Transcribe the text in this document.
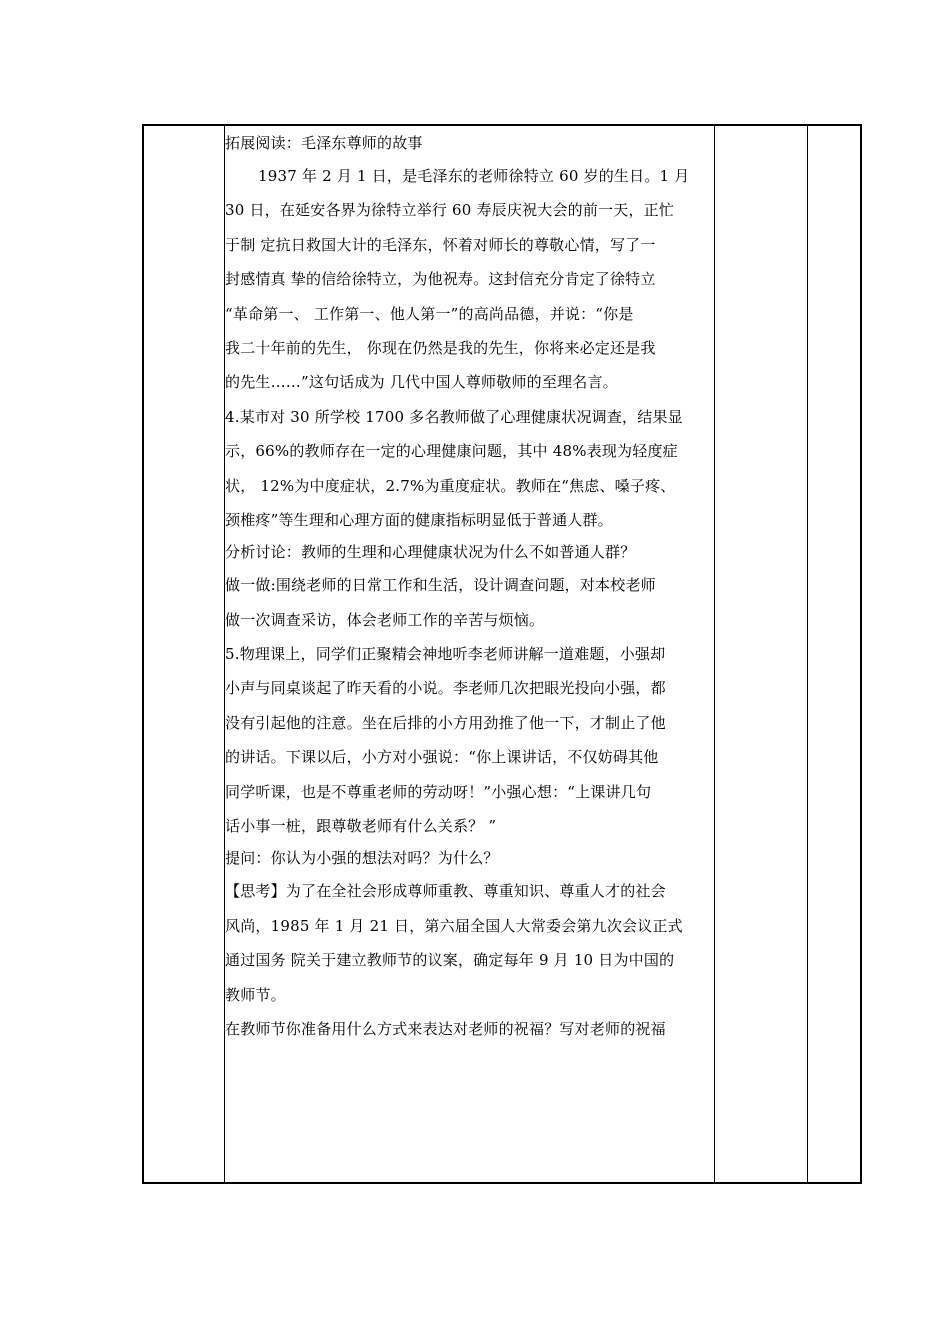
拓展阅读：毛泽东尊师的故事
1937 年 2 月 1 日，是毛泽东的老师徐特立 60 岁的生日。1 月
30 日，在延安各界为徐特立举行 60 寿辰庆祝大会的前一天，正忙
于制 定抗日救国大计的毛泽东，怀着对师长的尊敬心情，写了一
封感情真 挚的信给徐特立，为他祝寿。这封信充分肯定了徐特立
“革命第一、 工作第一、他人第一”的高尚品德，并说：“你是
我二十年前的先生， 你现在仍然是我的先生，你将来必定还是我
的先生……”这句话成为 几代中国人尊师敬师的至理名言。
4.某市对 30 所学校 1700 多名教师做了心理健康状况调查，结果显
示，66%的教师存在一定的心理健康问题，其中 48%表现为轻度症
状， 12%为中度症状，2.7%为重度症状。教师在“焦虑、嗓子疼、
颈椎疼”等生理和心理方面的健康指标明显低于普通人群。
分析讨论：教师的生理和心理健康状况为什么不如普通人群？
做一做:围绕老师的日常工作和生活，设计调查问题，对本校老师
做一次调查采访，体会老师工作的辛苦与烦恼。
5.物理课上，同学们正聚精会神地听李老师讲解一道难题，小强却
小声与同桌谈起了昨天看的小说。李老师几次把眼光投向小强，都
没有引起他的注意。坐在后排的小方用劲推了他一下，才制止了他
的讲话。下课以后，小方对小强说：“你上课讲话，不仅妨碍其他
同学听课，也是不尊重老师的劳动呀！”小强心想：“上课讲几句
话小事一桩，跟尊敬老师有什么关系？ ”
提问：你认为小强的想法对吗？为什么？
【思考】为了在全社会形成尊师重教、尊重知识、尊重人才的社会
风尚，1985 年 1 月 21 日，第六届全国人大常委会第九次会议正式
通过国务 院关于建立教师节的议案，确定每年 9 月 10 日为中国的
教师节。
在教师节你准备用什么方式来表达对老师的祝福？写对老师的祝福
